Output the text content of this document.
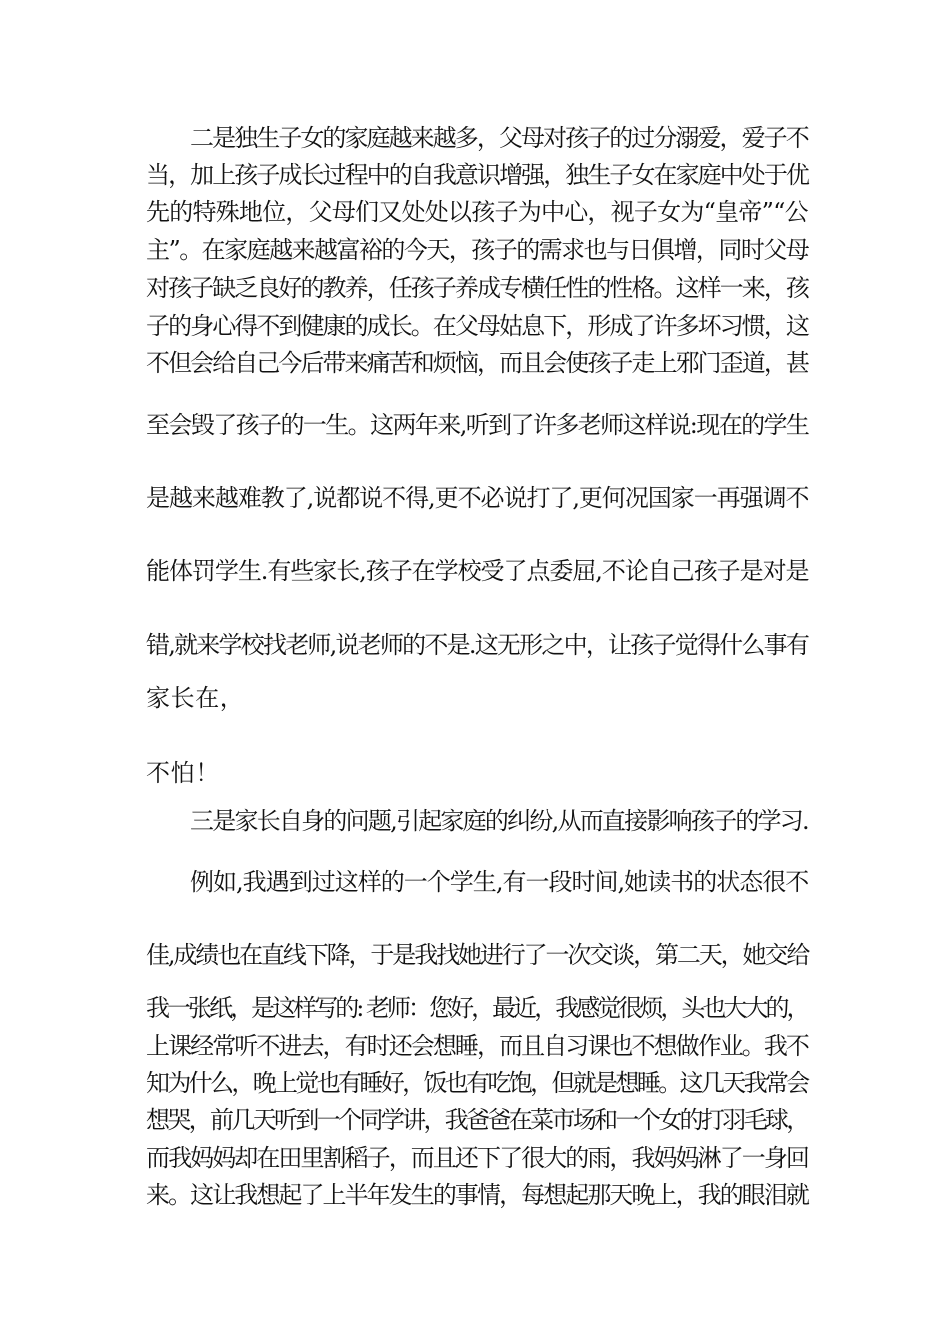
二是独生子女的家庭越来越多，父母对孩子的过分溺爱，爱子不
当，加上孩子成长过程中的自我意识增强，独生子女在家庭中处于优
先的特殊地位，父母们又处处以孩子为中心，视子女为“皇帝”“公
主”。在家庭越来越富裕的今天，孩子的需求也与日俱增，同时父母
对孩子缺乏良好的教养，任孩子养成专横任性的性格。这样一来，孩
子的身心得不到健康的成长。在父母姑息下，形成了许多坏习惯，这
不但会给自己今后带来痛苦和烦恼，而且会使孩子走上邪门歪道，甚
至会毁了孩子的一生。这两年来,听到了许多老师这样说:现在的学生
是越来越难教了,说都说不得,更不必说打了,更何况国家一再强调不
能体罚学生.有些家长,孩子在学校受了点委屈,不论自己孩子是对是
错,就来学校找老师,说老师的不是.这无形之中，让孩子觉得什么事有
家长在，
不怕！
三是家长自身的问题,引起家庭的纠纷,从而直接影响孩子的学习.
例如,我遇到过这样的一个学生,有一段时间,她读书的状态很不
佳,成绩也在直线下降，于是我找她进行了一次交谈，第二天，她交给
我一张纸，是这样写的: 老师：您好，最近，我感觉很烦，头也大大的，
上课经常听不进去，有时还会想睡，而且自习课也不想做作业。我不
知为什么，晚上觉也有睡好，饭也有吃饱，但就是想睡。这几天我常会
想哭，前几天听到一个同学讲，我爸爸在菜市场和一个女的打羽毛球，
而我妈妈却在田里割稻子，而且还下了很大的雨，我妈妈淋了一身回
来。这让我想起了上半年发生的事情，每想起那天晚上，我的眼泪就
